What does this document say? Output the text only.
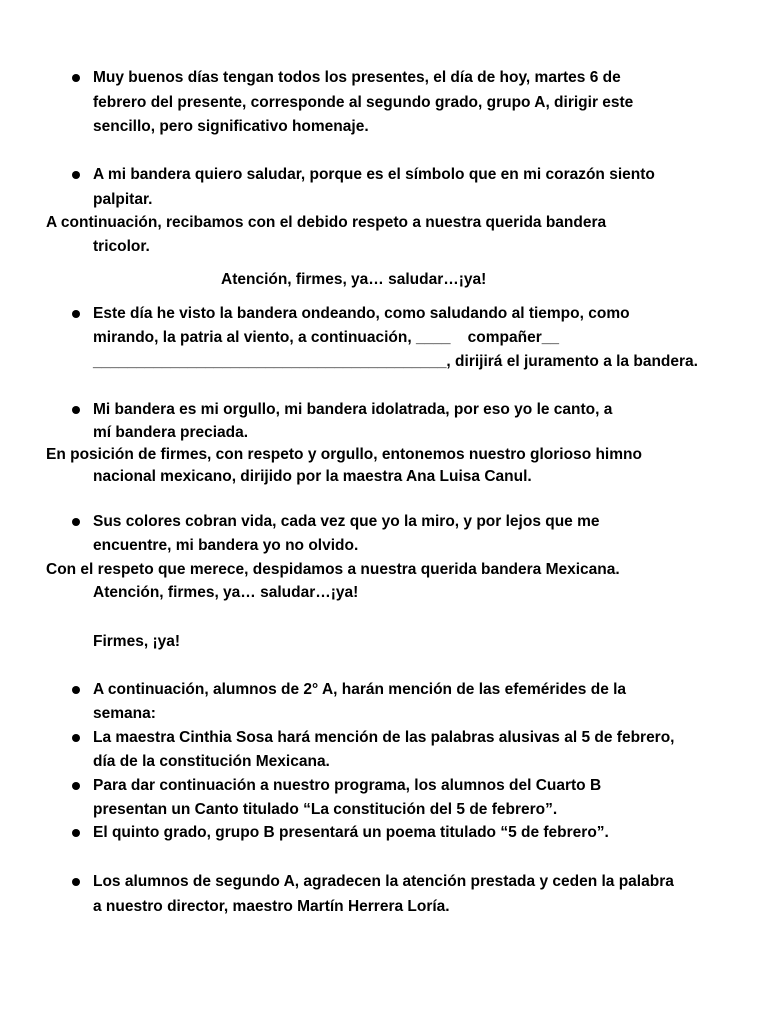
Muy buenos días tengan todos los presentes, el día de hoy, martes 6 de
febrero del presente, corresponde al segundo grado, grupo A, dirigir este
sencillo, pero significativo homenaje.
A mi bandera quiero saludar, porque es el símbolo que en mi corazón siento
palpitar.
A continuación, recibamos con el debido respeto a nuestra querida bandera
tricolor.
Atención, firmes, ya… saludar…¡ya!
Este día he visto la bandera ondeando, como saludando al tiempo, como
mirando, la patria al viento, a continuación, ____    compañer__
_________________________________________, dirijirá el juramento a la bandera.
Mi bandera es mi orgullo, mi bandera idolatrada, por eso yo le canto, a
mí bandera preciada.
En posición de firmes, con respeto y orgullo, entonemos nuestro glorioso himno
nacional mexicano, dirijido por la maestra Ana Luisa Canul.
Sus colores cobran vida, cada vez que yo la miro, y por lejos que me
encuentre, mi bandera yo no olvido.
Con el respeto que merece, despidamos a nuestra querida bandera Mexicana.
Atención, firmes, ya… saludar…¡ya!
Firmes, ¡ya!
A continuación, alumnos de 2° A, harán mención de las efemérides de la
semana:
La maestra Cinthia Sosa hará mención de las palabras alusivas al 5 de febrero,
día de la constitución Mexicana.
Para dar continuación a nuestro programa, los alumnos del Cuarto B
presentan un Canto titulado “La constitución del 5 de febrero”.
El quinto grado, grupo B presentará un poema titulado “5 de febrero”.
Los alumnos de segundo A, agradecen la atención prestada y ceden la palabra
a nuestro director, maestro Martín Herrera Loría.
